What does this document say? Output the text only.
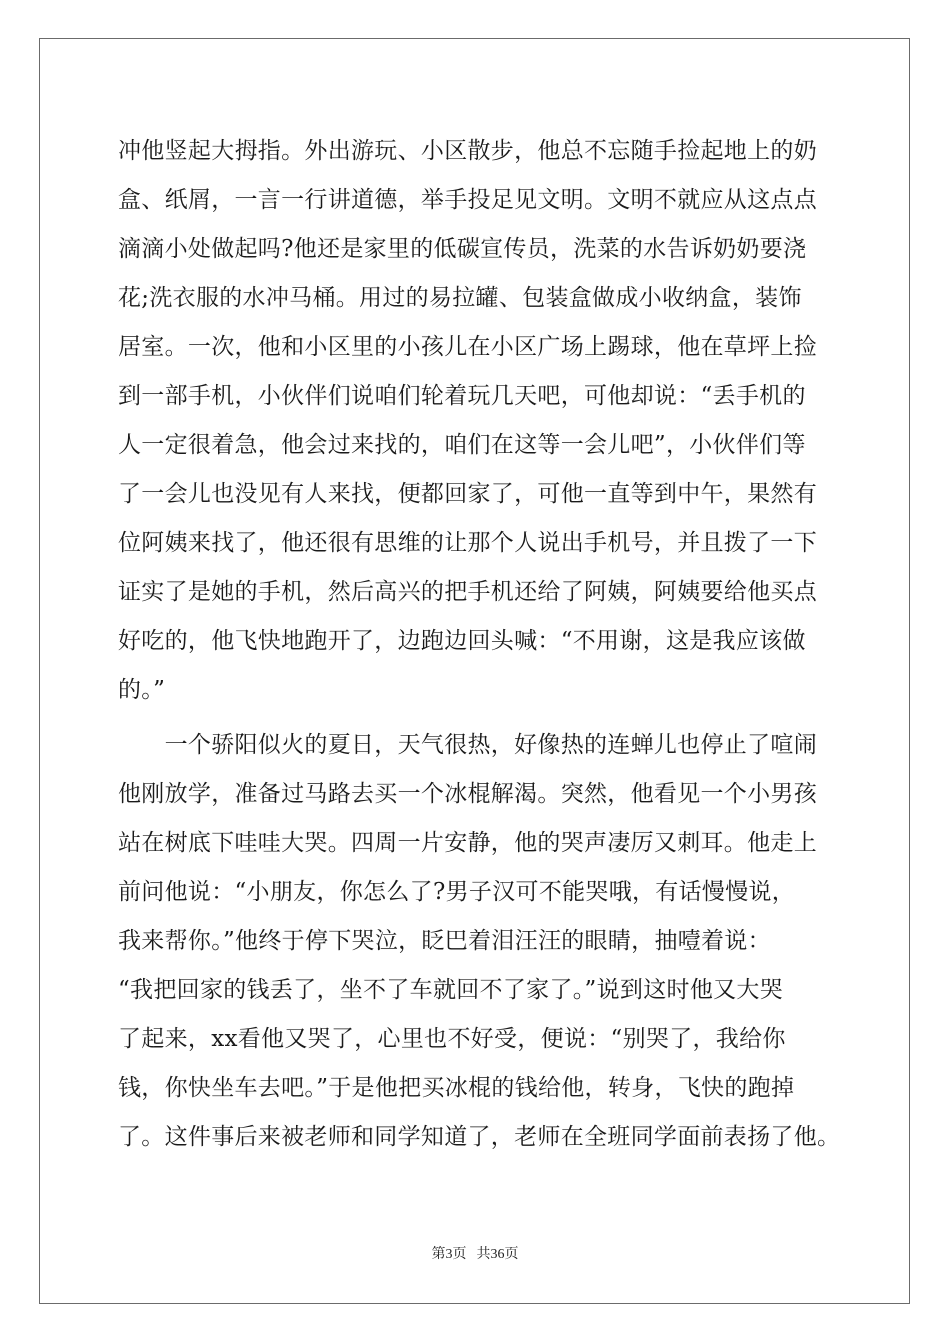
冲他竖起大拇指。外出游玩、小区散步，他总不忘随手捡起地上的奶
盒、纸屑，一言一行讲道德，举手投足见文明。文明不就应从这点点
滴滴小处做起吗?他还是家里的低碳宣传员，洗菜的水告诉奶奶要浇
花;洗衣服的水冲马桶。用过的易拉罐、包装盒做成小收纳盒，装饰
居室。一次，他和小区里的小孩儿在小区广场上踢球，他在草坪上捡
到一部手机，小伙伴们说咱们轮着玩几天吧，可他却说：“丢手机的
人一定很着急，他会过来找的，咱们在这等一会儿吧”，小伙伴们等
了一会儿也没见有人来找，便都回家了，可他一直等到中午，果然有
位阿姨来找了，他还很有思维的让那个人说出手机号，并且拨了一下
证实了是她的手机，然后高兴的把手机还给了阿姨，阿姨要给他买点
好吃的，他飞快地跑开了，边跑边回头喊：“不用谢，这是我应该做
的。”
　　一个骄阳似火的夏日，天气很热，好像热的连蝉儿也停止了喧闹
他刚放学，准备过马路去买一个冰棍解渴。突然，他看见一个小男孩
站在树底下哇哇大哭。四周一片安静，他的哭声凄厉又刺耳。他走上
前问他说：“小朋友，你怎么了?男子汉可不能哭哦，有话慢慢说，
我来帮你。”他终于停下哭泣，眨巴着泪汪汪的眼睛，抽噎着说：
“我把回家的钱丢了，坐不了车就回不了家了。”说到这时他又大哭
了起来，xx看他又哭了，心里也不好受，便说：“别哭了，我给你
钱，你快坐车去吧。”于是他把买冰棍的钱给他，转身，飞快的跑掉
了。这件事后来被老师和同学知道了，老师在全班同学面前表扬了他。
第3页 共36页
